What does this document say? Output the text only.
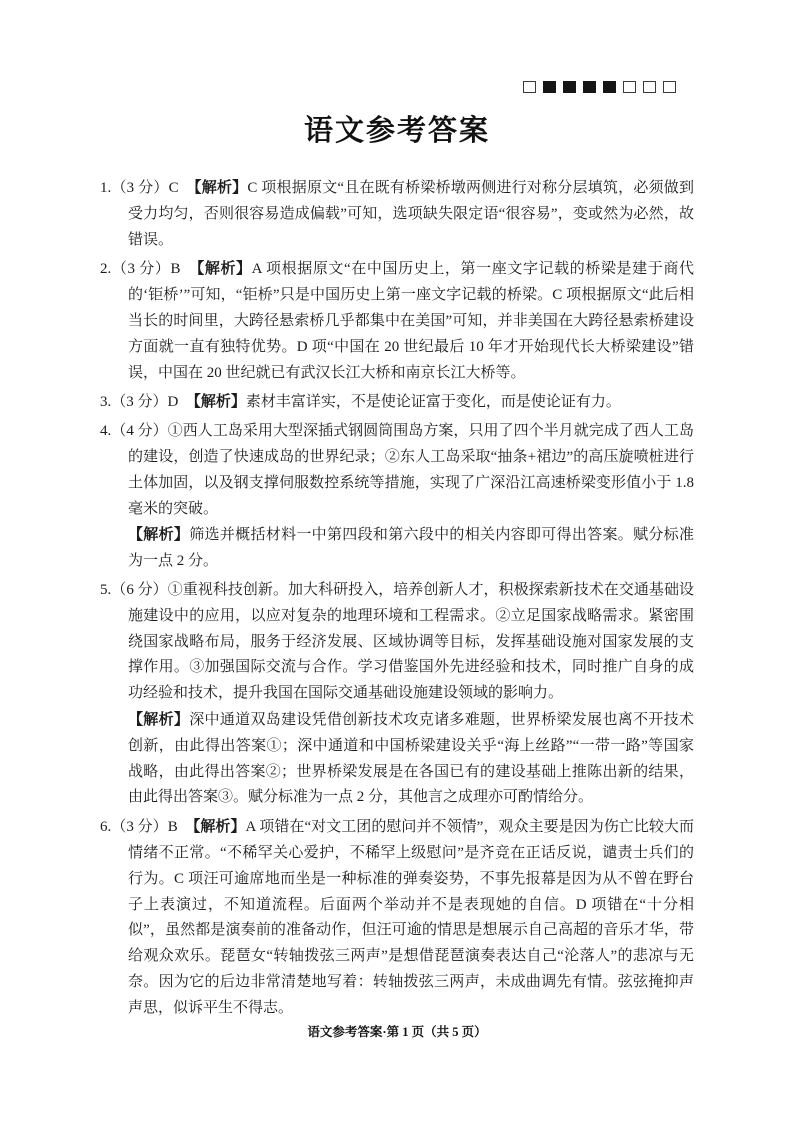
语文参考答案

1.（3 分）C　【解析】C 项根据原文“且在既有桥梁桥墩两侧进行对称分层填筑，必须做到受力均匀，否则很容易造成偏载”可知，选项缺失限定语“很容易”，变或然为必然，故错误。

2.（3 分）B　【解析】A 项根据原文“在中国历史上，第一座文字记载的桥梁是建于商代的‘钜桥’”可知，“钜桥”只是中国历史上第一座文字记载的桥梁。C 项根据原文“此后相当长的时间里，大跨径悬索桥几乎都集中在美国”可知，并非美国在大跨径悬索桥建设方面就一直有独特优势。D 项“中国在 20 世纪最后 10 年才开始现代长大桥梁建设”错误，中国在 20 世纪就已有武汉长江大桥和南京长江大桥等。

3.（3 分）D　【解析】素材丰富详实，不是使论证富于变化，而是使论证有力。

4.（4 分）①西人工岛采用大型深插式钢圆筒围岛方案，只用了四个半月就完成了西人工岛的建设，创造了快速成岛的世界纪录；②东人工岛采取“抽条+裙边”的高压旋喷桩进行土体加固，以及钢支撑伺服数控系统等措施，实现了广深沿江高速桥梁变形值小于 1.8 毫米的突破。

【解析】筛选并概括材料一中第四段和第六段中的相关内容即可得出答案。赋分标准为一点 2 分。

5.（6 分）①重视科技创新。加大科研投入，培养创新人才，积极探索新技术在交通基础设施建设中的应用，以应对复杂的地理环境和工程需求。②立足国家战略需求。紧密围绕国家战略布局，服务于经济发展、区域协调等目标，发挥基础设施对国家发展的支撑作用。③加强国际交流与合作。学习借鉴国外先进经验和技术，同时推广自身的成功经验和技术，提升我国在国际交通基础设施建设领域的影响力。

【解析】深中通道双岛建设凭借创新技术攻克诸多难题，世界桥梁发展也离不开技术创新，由此得出答案①；深中通道和中国桥梁建设关乎“海上丝路”“一带一路”等国家战略，由此得出答案②；世界桥梁发展是在各国已有的建设基础上推陈出新的结果，由此得出答案③。赋分标准为一点 2 分，其他言之成理亦可酌情给分。

6.（3 分）B　【解析】A 项错在“对文工团的慰问并不领情”，观众主要是因为伤亡比较大而情绪不正常。“不稀罕关心爱护，不稀罕上级慰问”是齐竞在正话反说，谴责士兵们的行为。C 项汪可逾席地而坐是一种标准的弹奏姿势，不事先报幕是因为从不曾在野台子上表演过，不知道流程。后面两个举动并不是表现她的自信。D 项错在“十分相似”，虽然都是演奏前的准备动作，但汪可逾的情思是想展示自己高超的音乐才华，带给观众欢乐。琵琶女“转轴拨弦三两声”是想借琵琶演奏表达自己“沦落人”的悲凉与无奈。因为它的后边非常清楚地写着：转轴拨弦三两声，未成曲调先有情。弦弦掩抑声声思，似诉平生不得志。

语文参考答案·第 1 页（共 5 页）
